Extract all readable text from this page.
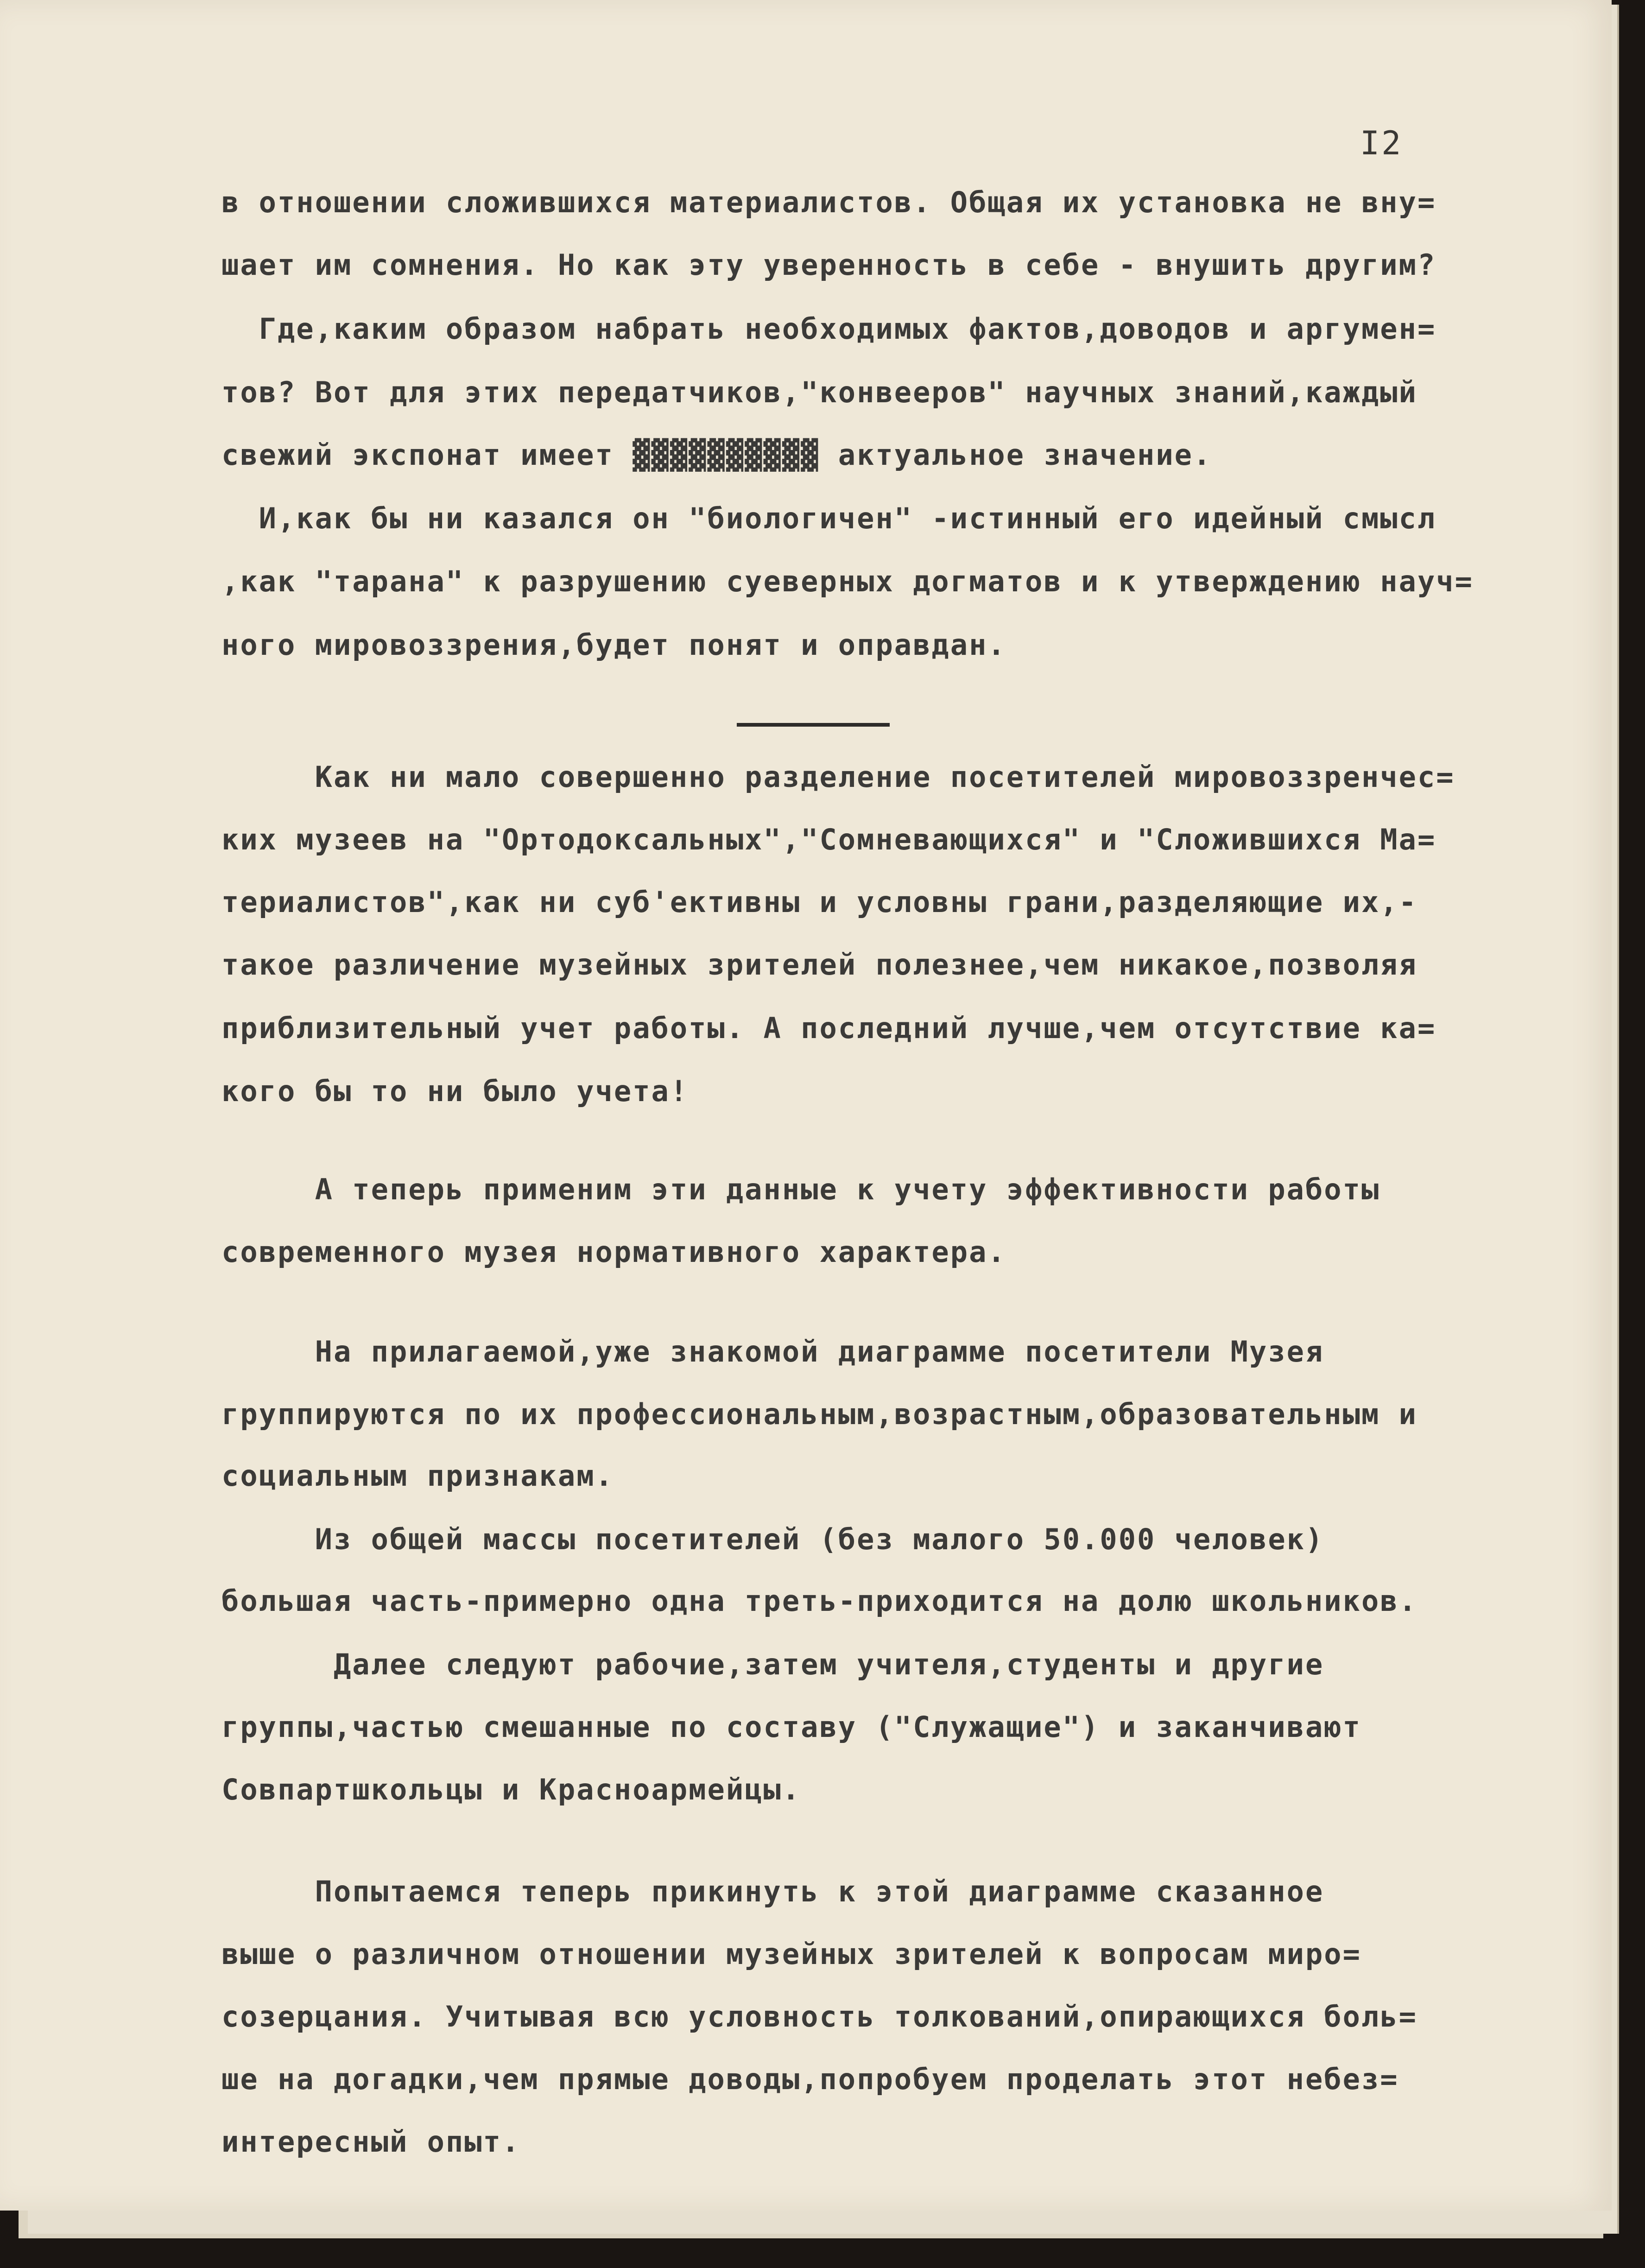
I2
в отношении сложившихся материалистов. Общая их установка не вну=
шает им сомнения. Но как эту уверенность в себе - внушить другим?
Где,каким образом набрать необходимых фактов,доводов и аргумен=
тов? Вот для этих передатчиков,"конвееров" научных знаний,каждый
свежий экспонат имеет ▓▓▓▓▓▓▓▓▓▓ актуальное значение.
И,как бы ни казался он "биологичен" -истинный его идейный смысл
,как "тарана" к разрушению суеверных догматов и к утверждению науч=
ного мировоззрения,будет понят и оправдан.
Как ни мало совершенно разделение посетителей мировоззренчес=
ких музеев на "Ортодоксальных","Сомневающихся" и "Сложившихся Ма=
териалистов",как ни суб'ективны и условны грани,разделяющие их,-
такое различение музейных зрителей полезнее,чем никакое,позволяя
приблизительный учет работы. А последний лучше,чем отсутствие ка=
кого бы то ни было учета!
А теперь применим эти данные к учету эффективности работы
современного музея нормативного характера.
На прилагаемой,уже знакомой диаграмме посетители Музея
группируются по их профессиональным,возрастным,образовательным и
социальным признакам.
Из общей массы посетителей (без малого 50.000 человек)
большая часть-примерно одна треть-приходится на долю школьников.
Далее следуют рабочие,затем учителя,студенты и другие
группы,частью смешанные по составу ("Служащие") и заканчивают
Совпартшкольцы и Красноармейцы.
Попытаемся теперь прикинуть к этой диаграмме сказанное
выше о различном отношении музейных зрителей к вопросам миро=
созерцания. Учитывая всю условность толкований,опирающихся боль=
ше на догадки,чем прямые доводы,попробуем проделать этот небез=
интересный опыт.
